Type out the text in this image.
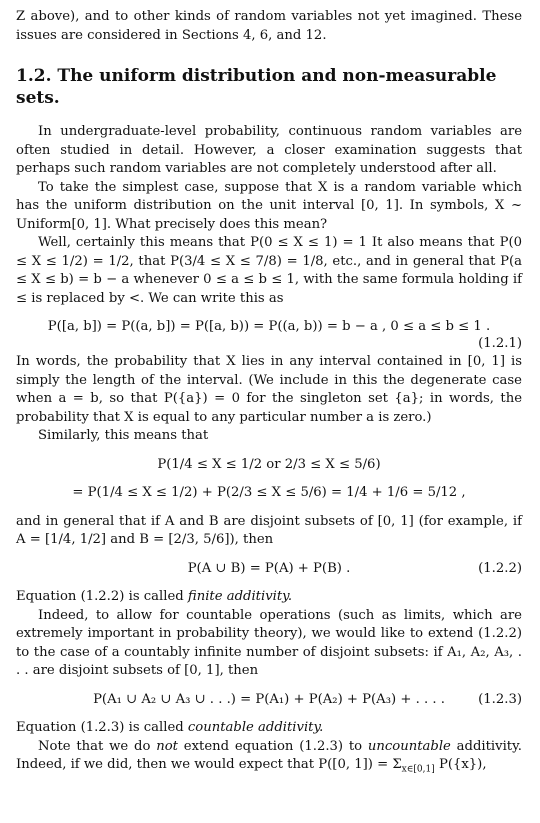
Z above), and to other kinds of random variables not yet imagined. These issues are considered in Sections 4, 6, and 12.

1.2. The uniform distribution and non-measurable sets.

In undergraduate-level probability, continuous random variables are often studied in detail. However, a closer examination suggests that perhaps such random variables are not completely understood after all.

To take the simplest case, suppose that X is a random variable which has the uniform distribution on the unit interval [0, 1]. In symbols, X ~ Uniform[0, 1]. What precisely does this mean?

Well, certainly this means that P(0 ≤ X ≤ 1) = 1 It also means that P(0 ≤ X ≤ 1/2) = 1/2, that P(3/4 ≤ X ≤ 7/8) = 1/8, etc., and in general that P(a ≤ X ≤ b) = b − a whenever 0 ≤ a ≤ b ≤ 1, with the same formula holding if ≤ is replaced by <. We can write this as

P([a, b]) = P((a, b]) = P([a, b)) = P((a, b)) = b − a , 0 ≤ a ≤ b ≤ 1 .
(1.2.1)

In words, the probability that X lies in any interval contained in [0, 1] is simply the length of the interval. (We include in this the degenerate case when a = b, so that P({a}) = 0 for the singleton set {a}; in words, the probability that X is equal to any particular number a is zero.)

Similarly, this means that

P(1/4 ≤ X ≤ 1/2 or 2/3 ≤ X ≤ 5/6)
= P(1/4 ≤ X ≤ 1/2) + P(2/3 ≤ X ≤ 5/6) = 1/4 + 1/6 = 5/12 ,

and in general that if A and B are disjoint subsets of [0, 1] (for example, if A = [1/4, 1/2] and B = [2/3, 5/6]), then

P(A ∪ B) = P(A) + P(B) .	(1.2.2)

Equation (1.2.2) is called finite additivity.

Indeed, to allow for countable operations (such as limits, which are extremely important in probability theory), we would like to extend (1.2.2) to the case of a countably infinite number of disjoint subsets: if A₁, A₂, A₃, . . . are disjoint subsets of [0, 1], then

P(A₁ ∪ A₂ ∪ A₃ ∪ . . .) = P(A₁) + P(A₂) + P(A₃) + . . . .	(1.2.3)

Equation (1.2.3) is called countable additivity.

Note that we do not extend equation (1.2.3) to uncountable additivity. Indeed, if we did, then we would expect that P([0, $1]) = \Sigma_{x\in[0,1]}$ P({x}),
